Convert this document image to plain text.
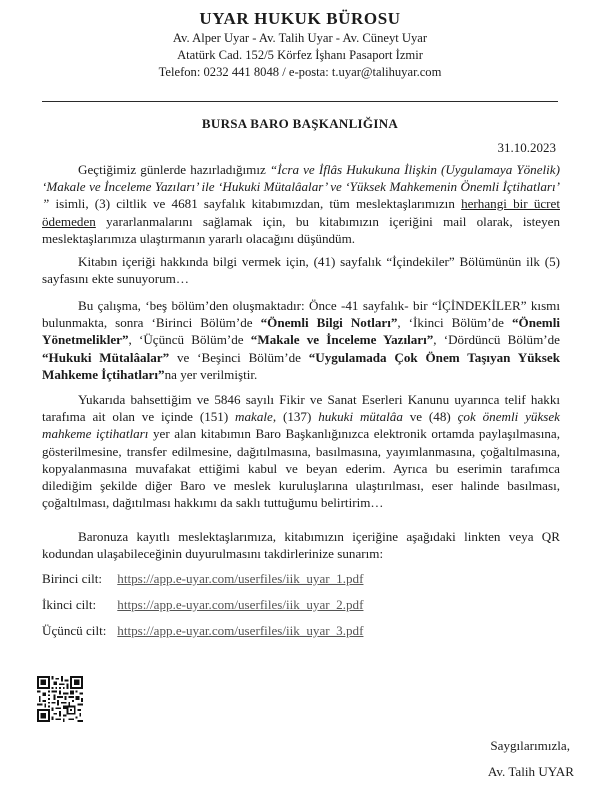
UYAR HUKUK BÜROSU
Av. Alper Uyar - Av. Talih Uyar - Av. Cüneyt Uyar
Atatürk Cad. 152/5 Körfez İşhanı Pasaport İzmir
Telefon: 0232 441 8048 / e-posta: t.uyar@talihuyar.com
BURSA BARO BAŞKANLIĞINA
31.10.2023

Geçtiğimiz günlerde hazırladığımız “İcra ve İflâs Hukukuna İlişkin (Uygulamaya Yönelik) ‘Makale ve İnceleme Yazıları’ ile ‘Hukuki Mütalâalar’ ve ‘Yüksek Mahkemenin Önemli İçtihatları’ ” isimli, (3) ciltlik ve 4681 sayfalık kitabımızdan, tüm meslektaşlarımızın herhangi bir ücret ödemeden yararlanmalarını sağlamak için, bu kitabımızın içeriğini mail olarak, isteyen meslektaşlarımıza ulaştırmanın yararlı olacağını düşündüm.

Kitabın içeriği hakkında bilgi vermek için, (41) sayfalık “İçindekiler” Bölümünün ilk (5) sayfasını ekte sunuyorum…

Bu çalışma, ‘beş bölüm’den oluşmaktadır: Önce -41 sayfalık- bir “İÇİNDEKİLER” kısmı bulunmakta, sonra ‘Birinci Bölüm’de “Önemli Bilgi Notları”, ‘İkinci Bölüm’de “Önemli Yönetmelikler”, ‘Üçüncü Bölüm’de “Makale ve İnceleme Yazıları”, ‘Dördüncü Bölüm’de “Hukuki Mütalâalar” ve ‘Beşinci Bölüm’de “Uygulamada Çok Önem Taşıyan Yüksek Mahkeme İçtihatları”na yer verilmiştir.

Yukarıda bahsettiğim ve 5846 sayılı Fikir ve Sanat Eserleri Kanunu uyarınca telif hakkı tarafıma ait olan ve içinde (151) makale, (137) hukuki mütalâa ve (48) çok önemli yüksek mahkeme içtihatları yer alan kitabımın Baro Başkanlığınızca elektronik ortamda paylaşılmasına, gösterilmesine, transfer edilmesine, dağıtılmasına, basılmasına, yayımlanmasına, çoğaltılmasına, kopyalanmasına muvafakat ettiğimi kabul ve beyan ederim. Ayrıca bu eserimin tarafımca dilediğim şekilde diğer Baro ve meslek kuruluşlarına ulaştırılması, eser halinde basılması, çoğaltılması, dağıtılması hakkımı da saklı tuttuğumu belirtirim…

Baronuza kayıtlı meslektaşlarımıza, kitabımızın içeriğine aşağıdaki linkten veya QR kodundan ulaşabileceğinin duyurulmasını takdirlerinize sunarım:

Birinci cilt: https://app.e-uyar.com/userfiles/iik_uyar_1.pdf
İkinci cilt: https://app.e-uyar.com/userfiles/iik_uyar_2.pdf
Üçüncü cilt: https://app.e-uyar.com/userfiles/iik_uyar_3.pdf
Saygılarımızla,
Av. Talih UYAR
